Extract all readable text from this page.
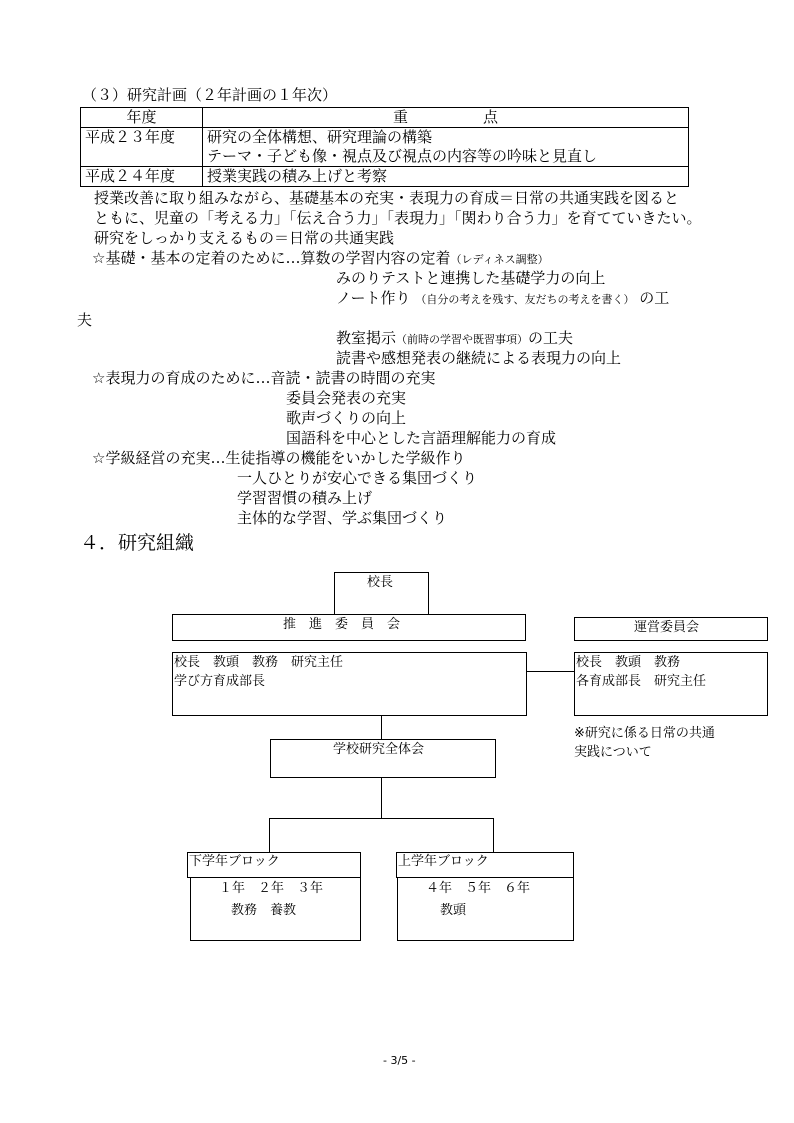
（３）研究計画（２年計画の１年次）
年度	重　　　　　点
平成２３年度	研究の全体構想、研究理論の構築
テーマ・子ども像・視点及び視点の内容等の吟味と見直し

平成２４年度	授業実践の積み上げと考察
授業改善に取り組みながら、基礎基本の充実・表現力の育成＝日常の共通実践を図ると
ともに、児童の「考える力」「伝え合う力」「表現力」「関わり合う力」を育てていきたい。
研究をしっかり支えるもの＝日常の共通実践
☆基礎・基本の定着のために…算数の学習内容の定着（レディネス調整）
みのりテストと連携した基礎学力の向上
ノート作り （自分の考えを残す、友だちの考えを書く） の工
夫
教室掲示（前時の学習や既習事項）の工夫
読書や感想発表の継続による表現力の向上
☆表現力の育成のために…音読・読書の時間の充実
委員会発表の充実
歌声づくりの向上
国語科を中心とした言語理解能力の育成
☆学級経営の充実…生徒指導の機能をいかした学級作り
一人ひとりが安心できる集団づくり
学習習慣の積み上げ
主体的な学習、学ぶ集団づくり
４．研究組織
校長
推　進　委　員　会
校長　教頭　教務　研究主任
学び方育成部長
運営委員会
校長　教頭　教務
各育成部長　研究主任
※研究に係る日常の共通
実践について
学校研究全体会
下学年ブロック
１年　２年　３年
教務　養教
上学年ブロック
４年　５年　６年
教頭
- 3/5 -
